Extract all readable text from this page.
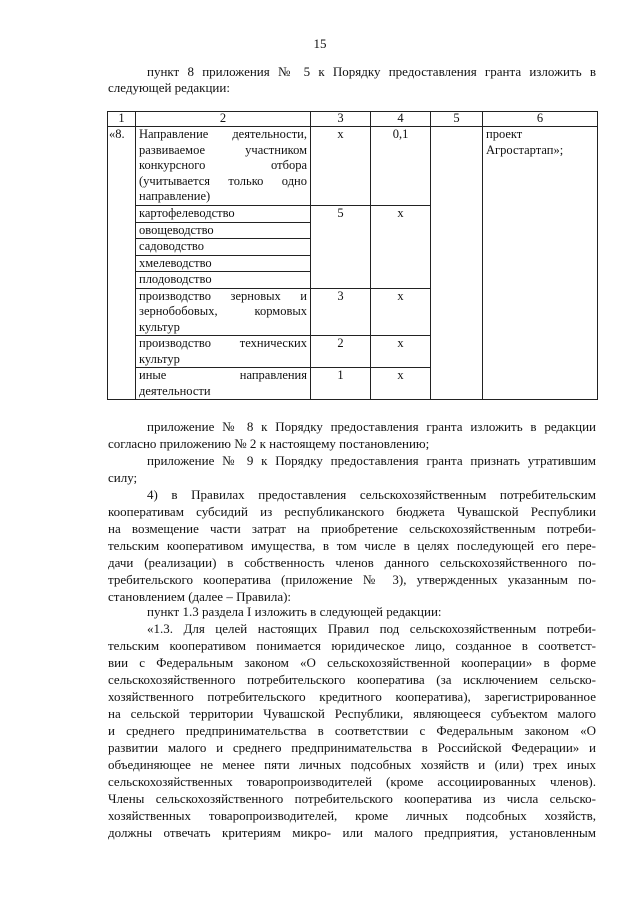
15
пункт 8 приложения № 5 к Порядку предоставления гранта изложить в
следующей редакции:
1	2	3	4	5	6
«8.	Направление деятельности, развиваемое участником конкурсного отбора (учитывается только одно направление)	х	0,1		проект Агростартап»;
	картофелеводство	5	х		
	овощеводство				
	садоводство				
	хмелеводство				
	плодоводство				
	производство зерновых и зернобобовых, кормовых культур	3	х		
	производство технических культур	2	х		
	иные направления деятельности	1	х		
приложение № 8 к Порядку предоставления гранта изложить в редакции
согласно приложению № 2 к настоящему постановлению;
приложение № 9 к Порядку предоставления гранта признать утратившим
силу;
4) в Правилах предоставления сельскохозяйственным потребительским
кооперативам субсидий из республиканского бюджета Чувашской Республики
на возмещение части затрат на приобретение сельскохозяйственным потреби-
тельским кооперативом имущества, в том числе в целях последующей его пере-
дачи (реализации) в собственность членов данного сельскохозяйственного по-
требительского кооператива (приложение № 3), утвержденных указанным по-
становлением (далее – Правила):
пункт 1.3 раздела I изложить в следующей редакции:
«1.3. Для целей настоящих Правил под сельскохозяйственным потреби-
тельским кооперативом понимается юридическое лицо, созданное в соответст-
вии с Федеральным законом «О сельскохозяйственной кооперации» в форме
сельскохозяйственного потребительского кооператива (за исключением сельско-
хозяйственного потребительского кредитного кооператива), зарегистрированное
на сельской территории Чувашской Республики, являющееся субъектом малого
и среднего предпринимательства в соответствии с Федеральным законом «О
развитии малого и среднего предпринимательства в Российской Федерации» и
объединяющее не менее пяти личных подсобных хозяйств и (или) трех иных
сельскохозяйственных товаропроизводителей (кроме ассоциированных членов).
Члены сельскохозяйственного потребительского кооператива из числа сельско-
хозяйственных товаропроизводителей, кроме личных подсобных хозяйств,
должны отвечать критериям микро- или малого предприятия, установленным
